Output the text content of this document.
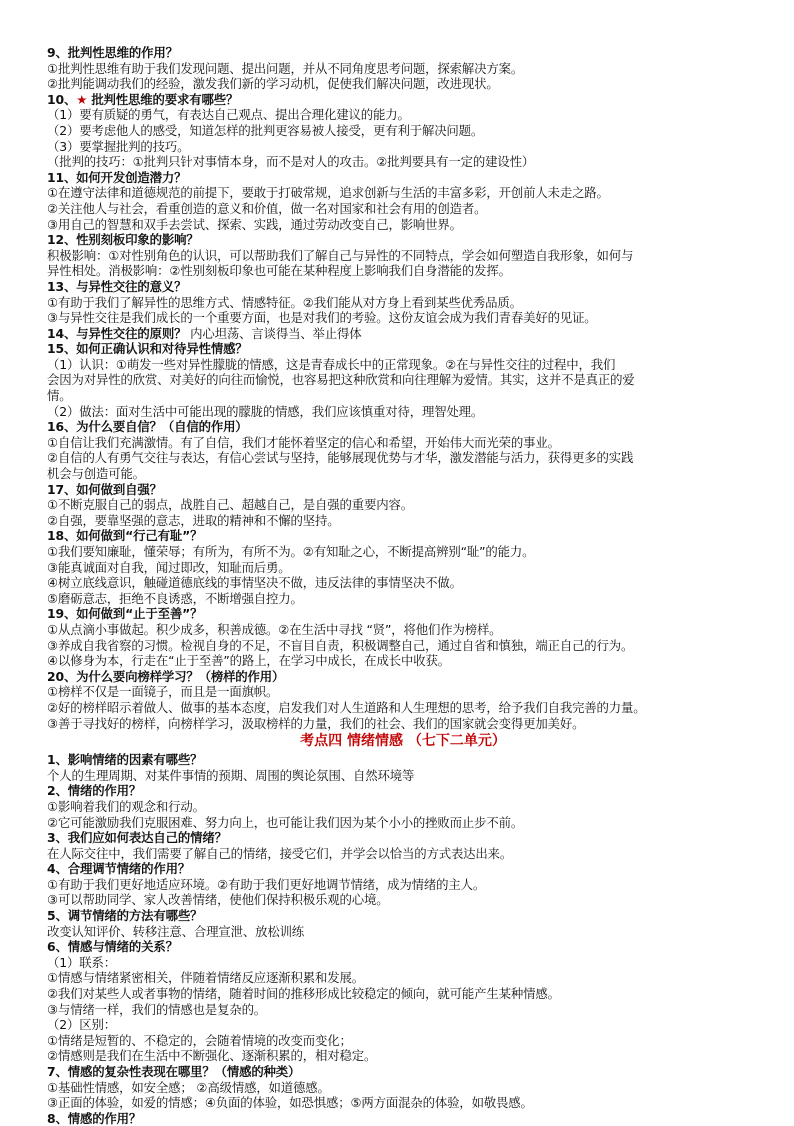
9、批判性思维的作用？
①批判性思维有助于我们发现问题、提出问题，并从不同角度思考问题，探索解决方案。
②批判能调动我们的经验，激发我们新的学习动机，促使我们解决问题，改进现状。
10、★ 批判性思维的要求有哪些？
（1）要有质疑的勇气，有表达自己观点、提出合理化建议的能力。
（2）要考虑他人的感受，知道怎样的批判更容易被人接受，更有利于解决问题。
（3）要掌握批判的技巧。
（批判的技巧：①批判只针对事情本身，而不是对人的攻击。②批判要具有一定的建设性）
11、如何开发创造潜力？
①在遵守法律和道德规范的前提下，要敢于打破常规，追求创新与生活的丰富多彩，开创前人未走之路。
②关注他人与社会，看重创造的意义和价值，做一名对国家和社会有用的创造者。
③用自己的智慧和双手去尝试、探索、实践，通过劳动改变自己，影响世界。
12、性别刻板印象的影响？
积极影响：①对性别角色的认识，可以帮助我们了解自己与异性的不同特点，学会如何塑造自我形象，如何与
异性相处。消极影响：②性别刻板印象也可能在某种程度上影响我们自身潜能的发挥。
13、与异性交往的意义？
①有助于我们了解异性的思维方式、情感特征。②我们能从对方身上看到某些优秀品质。
③与异性交往是我们成长的一个重要方面，也是对我们的考验。这份友谊会成为我们青春美好的见证。
14、与异性交往的原则？ 内心坦荡、言谈得当、举止得体
15、如何正确认识和对待异性情感？
（1）认识：①萌发一些对异性朦胧的情感，这是青春成长中的正常现象。②在与异性交往的过程中，我们
会因为对异性的欣赏、对美好的向往而愉悦，也容易把这种欣赏和向往理解为爱情。其实，这并不是真正的爱
情。
（2）做法：面对生活中可能出现的朦胧的情感，我们应该慎重对待，理智处理。
16、为什么要自信？（自信的作用）
①自信让我们充满激情。有了自信，我们才能怀着坚定的信心和希望，开始伟大而光荣的事业。
②自信的人有勇气交往与表达，有信心尝试与坚持，能够展现优势与才华，激发潜能与活力，获得更多的实践
机会与创造可能。
17、如何做到自强？
①不断克服自己的弱点，战胜自己、超越自己，是自强的重要内容。
②自强，要靠坚强的意志，进取的精神和不懈的坚持。
18、如何做到“行己有耻”？
①我们要知廉耻，懂荣辱；有所为，有所不为。②有知耻之心，不断提高辨别“耻”的能力。
③能真诚面对自我，闻过即改，知耻而后勇。
④树立底线意识，触碰道德底线的事情坚决不做，违反法律的事情坚决不做。
⑤磨砺意志，拒绝不良诱惑，不断增强自控力。
19、如何做到“止于至善”？
①从点滴小事做起。积少成多，积善成德。②在生活中寻找 “贤”，将他们作为榜样。
③养成自我省察的习惯。检视自身的不足，不盲目自责，积极调整自己，通过自省和慎独，端正自己的行为。
④以修身为本，行走在“止于至善”的路上，在学习中成长，在成长中收获。
20、为什么要向榜样学习？（榜样的作用）
①榜样不仅是一面镜子，而且是一面旗帜。
②好的榜样昭示着做人、做事的基本态度，启发我们对人生道路和人生理想的思考，给予我们自我完善的力量。
③善于寻找好的榜样，向榜样学习，汲取榜样的力量，我们的社会、我们的国家就会变得更加美好。
考点四 情绪情感 （七下二单元）
1、影响情绪的因素有哪些？
个人的生理周期、对某件事情的预期、周围的舆论氛围、自然环境等
2、情绪的作用？
①影响着我们的观念和行动。
②它可能激励我们克服困难、努力向上，也可能让我们因为某个小小的挫败而止步不前。
3、我们应如何表达自己的情绪？
在人际交往中，我们需要了解自己的情绪，接受它们，并学会以恰当的方式表达出来。
4、合理调节情绪的作用？
①有助于我们更好地适应环境。②有助于我们更好地调节情绪，成为情绪的主人。
③可以帮助同学、家人改善情绪，使他们保持积极乐观的心境。
5、调节情绪的方法有哪些？
改变认知评价、转移注意、合理宣泄、放松训练
6、情感与情绪的关系？
（1）联系：
①情感与情绪紧密相关，伴随着情绪反应逐渐积累和发展。
②我们对某些人或者事物的情绪，随着时间的推移形成比较稳定的倾向，就可能产生某种情感。
③与情绪一样，我们的情感也是复杂的。
（2）区别：
①情绪是短暂的、不稳定的，会随着情境的改变而变化；
②情感则是我们在生活中不断强化、逐渐积累的，相对稳定。
7、情感的复杂性表现在哪里？（情感的种类）
①基础性情感，如安全感； ②高级情感，如道德感。
③正面的体验，如爱的情感；④负面的体验，如恐惧感；⑤两方面混杂的体验，如敬畏感。
8、情感的作用？
